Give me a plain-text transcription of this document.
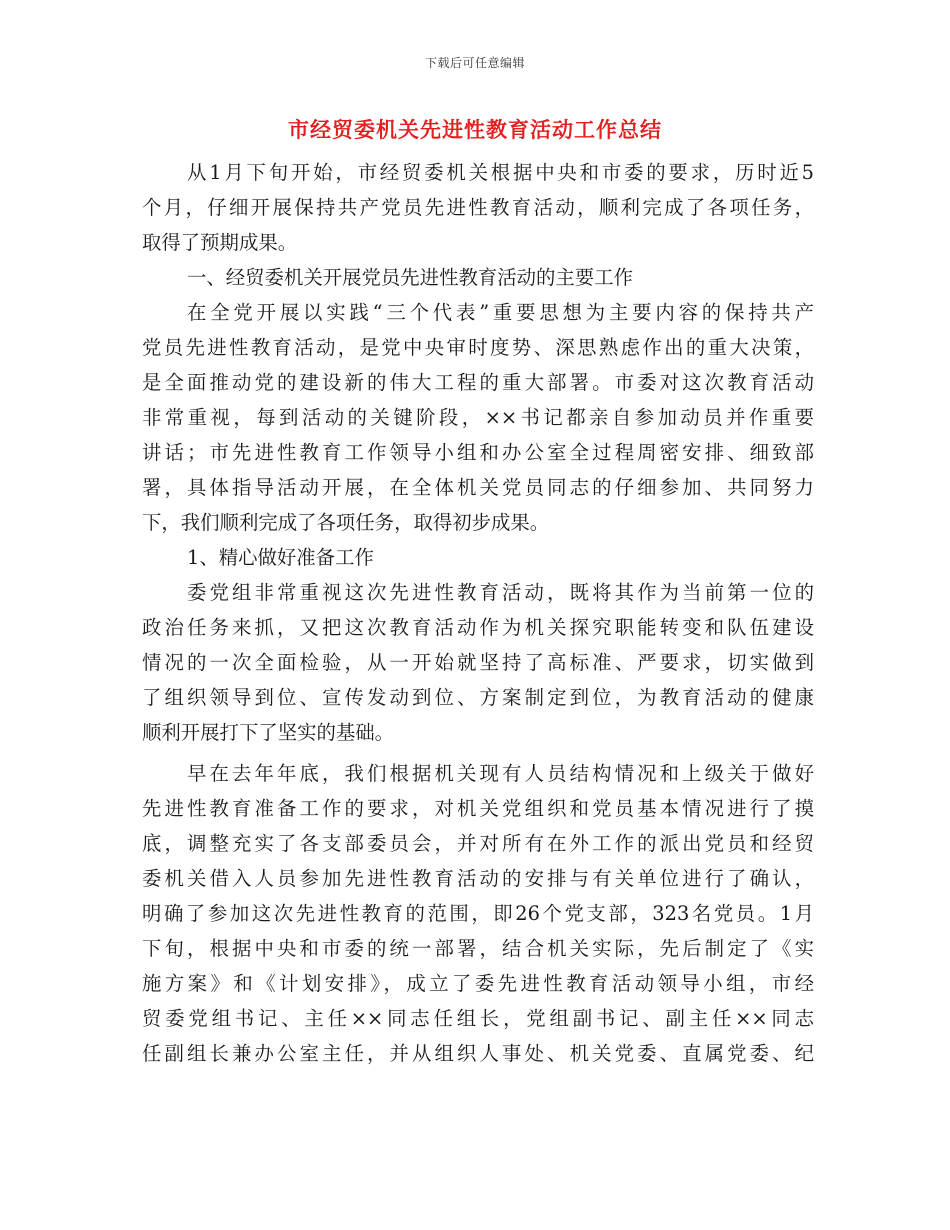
下载后可任意编辑
市经贸委机关先进性教育活动工作总结
从1月下旬开始，市经贸委机关根据中央和市委的要求，历时近5
个月，仔细开展保持共产党员先进性教育活动，顺利完成了各项任务，
取得了预期成果。
一、经贸委机关开展党员先进性教育活动的主要工作
在全党开展以实践“三个代表”重要思想为主要内容的保持共产
党员先进性教育活动，是党中央审时度势、深思熟虑作出的重大决策，
是全面推动党的建设新的伟大工程的重大部署。市委对这次教育活动
非常重视，每到活动的关键阶段，××书记都亲自参加动员并作重要
讲话；市先进性教育工作领导小组和办公室全过程周密安排、细致部
署，具体指导活动开展，在全体机关党员同志的仔细参加、共同努力
下，我们顺利完成了各项任务，取得初步成果。
1、精心做好准备工作
委党组非常重视这次先进性教育活动，既将其作为当前第一位的
政治任务来抓，又把这次教育活动作为机关探究职能转变和队伍建设
情况的一次全面检验，从一开始就坚持了高标准、严要求，切实做到
了组织领导到位、宣传发动到位、方案制定到位，为教育活动的健康
顺利开展打下了坚实的基础。
早在去年年底，我们根据机关现有人员结构情况和上级关于做好
先进性教育准备工作的要求，对机关党组织和党员基本情况进行了摸
底，调整充实了各支部委员会，并对所有在外工作的派出党员和经贸
委机关借入人员参加先进性教育活动的安排与有关单位进行了确认，
明确了参加这次先进性教育的范围，即26个党支部，323名党员。1月
下旬，根据中央和市委的统一部署，结合机关实际，先后制定了《实
施方案》和《计划安排》，成立了委先进性教育活动领导小组，市经
贸委党组书记、主任××同志任组长，党组副书记、副主任××同志
任副组长兼办公室主任，并从组织人事处、机关党委、直属党委、纪
